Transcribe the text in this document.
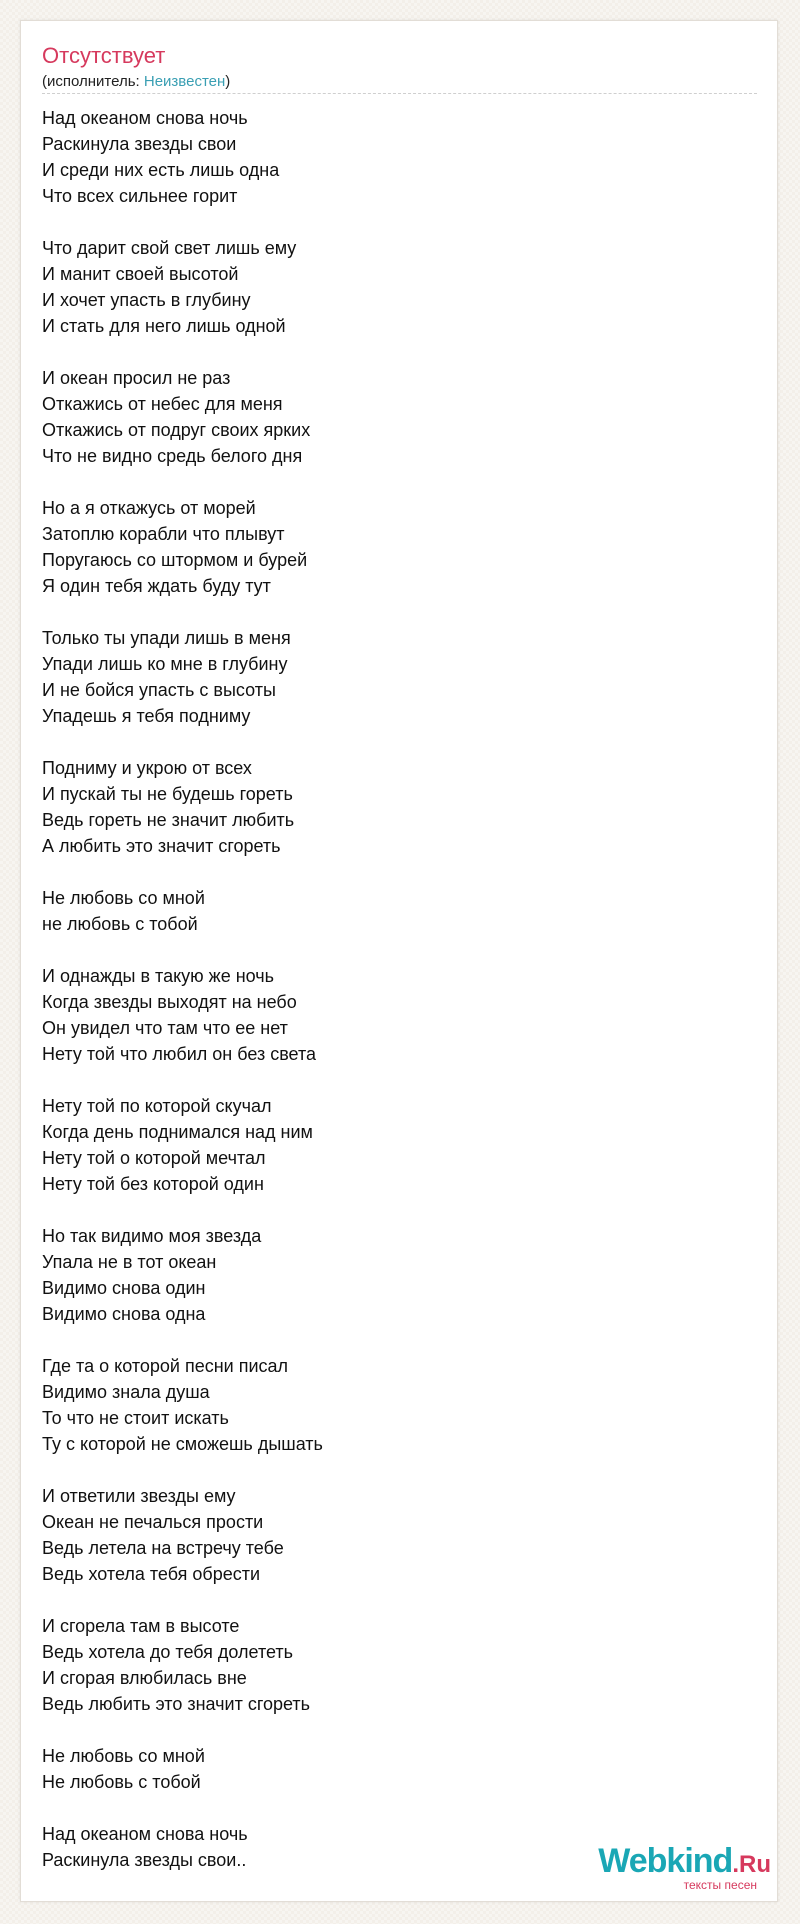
Отсутствует
(исполнитель: Неизвестен)
Над океаном снова ночь
Раскинула звезды свои
И среди них есть лишь одна
Что всех сильнее горит
Что дарит свой свет лишь ему
И манит своей высотой
И хочет упасть в глубину
И стать для него лишь одной
И океан просил не раз
Откажись от небес для меня
Откажись от подруг своих ярких
Что не видно средь белого дня
Но а я откажусь от морей
Затоплю корабли что плывут
Поругаюсь со штормом и бурей
Я один тебя ждать буду тут
Только ты упади лишь в меня
Упади лишь ко мне в глубину
И не бойся упасть с высоты
Упадешь я тебя подниму
Подниму и укрою от всех
И пускай ты не будешь гореть
Ведь гореть не значит любить
А любить это значит сгореть
Не любовь со мной
не любовь с тобой
И однажды в такую же ночь
Когда звезды выходят на небо
Он увидел что там что ее нет
Нету той что любил он без света
Нету той по которой скучал
Когда день поднимался над ним
Нету той о которой мечтал
Нету той без которой один
Но так видимо моя звезда
Упала не в тот океан
Видимо снова один
Видимо снова одна
Где та о которой песни писал
Видимо знала душа
То что не стоит искать
Ту с которой не сможешь дышать
И ответили звезды ему
Океан не печалься прости
Ведь летела на встречу тебе
Ведь хотела тебя обрести
И сгорела там в высоте
Ведь хотела до тебя долететь
И сгорая влюбилась вне
Ведь любить это значит сгореть
Не любовь со мной
Не любовь с тобой
Над океаном снова ночь
Раскинула звезды свои..	Webkind.Ru
тексты песен
